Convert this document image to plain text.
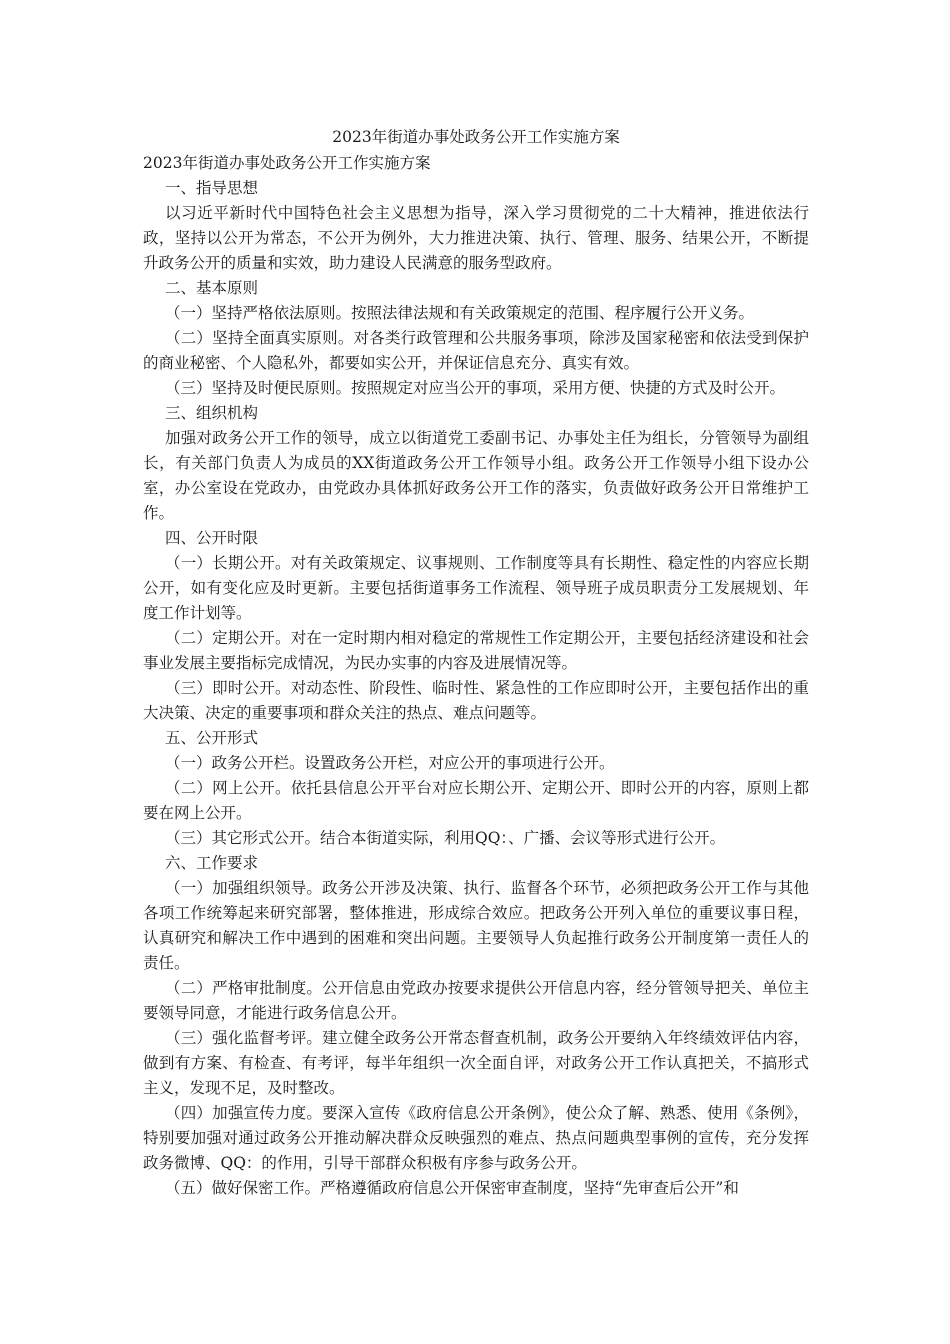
2023年街道办事处政务公开工作实施方案
2023年街道办事处政务公开工作实施方案
一、指导思想

以习近平新时代中国特色社会主义思想为指导，深入学习贯彻党的二十大精神，推进依法行政，坚持以公开为常态，不公开为例外，大力推进决策、执行、管理、服务、结果公开，不断提升政务公开的质量和实效，助力建设人民满意的服务型政府。

二、基本原则

（一）坚持严格依法原则。按照法律法规和有关政策规定的范围、程序履行公开义务。

（二）坚持全面真实原则。对各类行政管理和公共服务事项，除涉及国家秘密和依法受到保护的商业秘密、个人隐私外，都要如实公开，并保证信息充分、真实有效。

（三）坚持及时便民原则。按照规定对应当公开的事项，采用方便、快捷的方式及时公开。

三、组织机构

加强对政务公开工作的领导，成立以街道党工委副书记、办事处主任为组长，分管领导为副组长，有关部门负责人为成员的XX街道政务公开工作领导小组。政务公开工作领导小组下设办公室，办公室设在党政办，由党政办具体抓好政务公开工作的落实，负责做好政务公开日常维护工作。

四、公开时限

（一）长期公开。对有关政策规定、议事规则、工作制度等具有长期性、稳定性的内容应长期公开，如有变化应及时更新。主要包括街道事务工作流程、领导班子成员职责分工发展规划、年度工作计划等。

（二）定期公开。对在一定时期内相对稳定的常规性工作定期公开，主要包括经济建设和社会事业发展主要指标完成情况，为民办实事的内容及进展情况等。

（三）即时公开。对动态性、阶段性、临时性、紧急性的工作应即时公开，主要包括作出的重大决策、决定的重要事项和群众关注的热点、难点问题等。

五、公开形式

（一）政务公开栏。设置政务公开栏，对应公开的事项进行公开。

（二）网上公开。依托县信息公开平台对应长期公开、定期公开、即时公开的内容，原则上都要在网上公开。

（三）其它形式公开。结合本街道实际，利用QQ：、广播、会议等形式进行公开。

六、工作要求

（一）加强组织领导。政务公开涉及决策、执行、监督各个环节，必须把政务公开工作与其他各项工作统筹起来研究部署，整体推进，形成综合效应。把政务公开列入单位的重要议事日程，认真研究和解决工作中遇到的困难和突出问题。主要领导人负起推行政务公开制度第一责任人的责任。

（二）严格审批制度。公开信息由党政办按要求提供公开信息内容，经分管领导把关、单位主要领导同意，才能进行政务信息公开。

（三）强化监督考评。建立健全政务公开常态督查机制，政务公开要纳入年终绩效评估内容，做到有方案、有检查、有考评，每半年组织一次全面自评，对政务公开工作认真把关，不搞形式主义，发现不足，及时整改。

（四）加强宣传力度。要深入宣传《政府信息公开条例》，使公众了解、熟悉、使用《条例》，特别要加强对通过政务公开推动解决群众反映强烈的难点、热点问题典型事例的宣传，充分发挥政务微博、QQ：的作用，引导干部群众积极有序参与政务公开。

（五）做好保密工作。严格遵循政府信息公开保密审查制度，坚持“先审查后公开”和
